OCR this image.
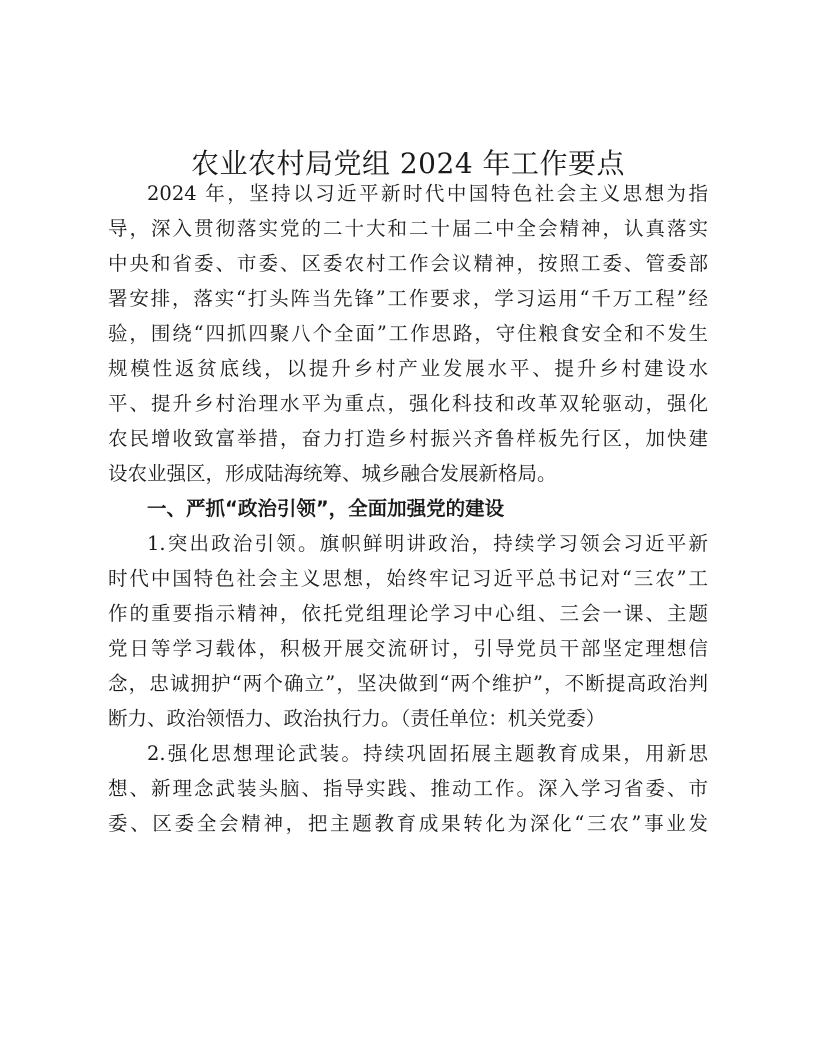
农业农村局党组 2024 年工作要点
2024 年，坚持以习近平新时代中国特色社会主义思想为指
导，深入贯彻落实党的二十大和二十届二中全会精神，认真落实
中央和省委、市委、区委农村工作会议精神，按照工委、管委部
署安排，落实“打头阵当先锋”工作要求，学习运用“千万工程”经
验，围绕“四抓四聚八个全面”工作思路，守住粮食安全和不发生
规模性返贫底线，以提升乡村产业发展水平、提升乡村建设水
平、提升乡村治理水平为重点，强化科技和改革双轮驱动，强化
农民增收致富举措，奋力打造乡村振兴齐鲁样板先行区，加快建
设农业强区，形成陆海统筹、城乡融合发展新格局。
一、严抓“政治引领”，全面加强党的建设
1.突出政治引领。旗帜鲜明讲政治，持续学习领会习近平新
时代中国特色社会主义思想，始终牢记习近平总书记对“三农”工
作的重要指示精神，依托党组理论学习中心组、三会一课、主题
党日等学习载体，积极开展交流研讨，引导党员干部坚定理想信
念，忠诚拥护“两个确立”，坚决做到“两个维护”，不断提高政治判
断力、政治领悟力、政治执行力。（责任单位：机关党委）
2.强化思想理论武装。持续巩固拓展主题教育成果，用新思
想、新理念武装头脑、指导实践、推动工作。深入学习省委、市
委、区委全会精神，把主题教育成果转化为深化“三农”事业发
